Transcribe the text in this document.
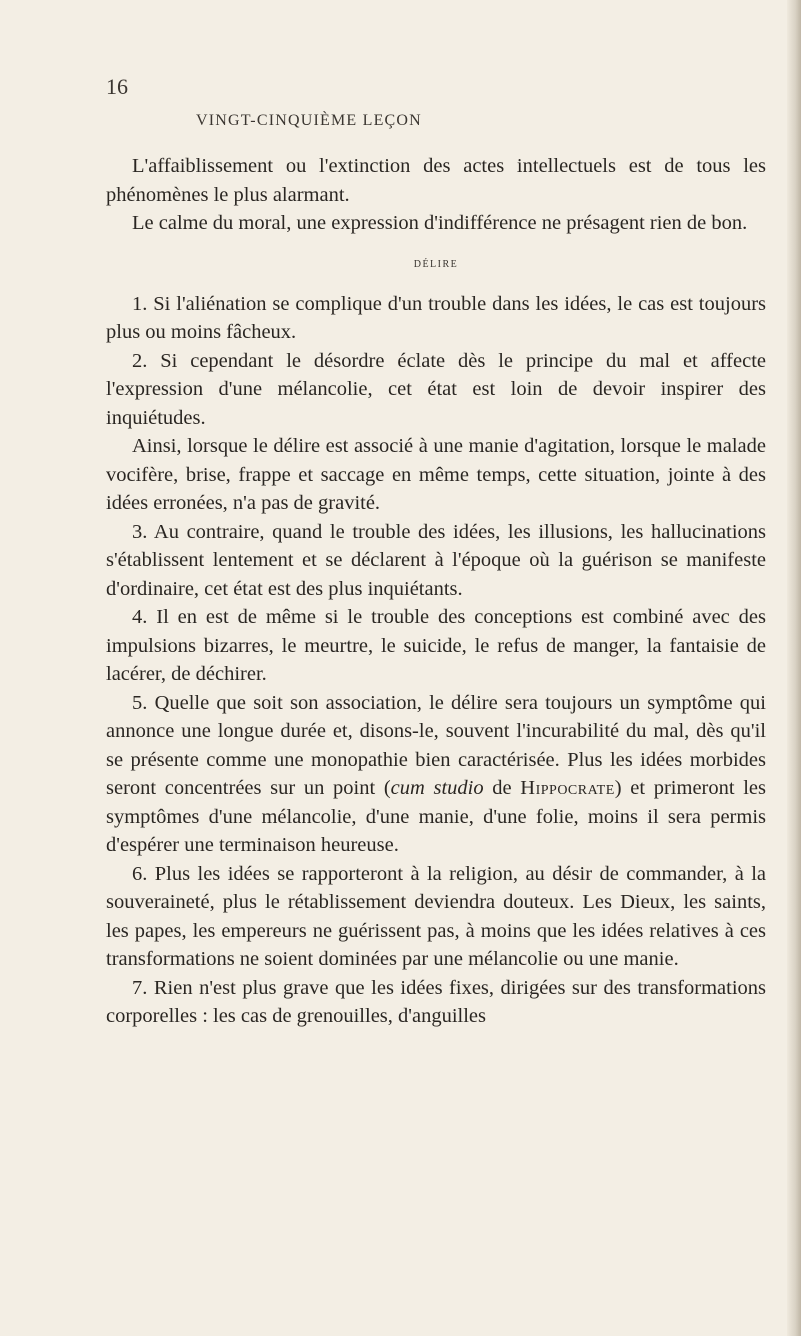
16
VINGT-CINQUIÈME LEÇON

L'affaiblissement ou l'extinction des actes intellectuels est de tous les phénomènes le plus alarmant.

Le calme du moral, une expression d'indifférence ne présagent rien de bon.

DÉLIRE

1. Si l'aliénation se complique d'un trouble dans les idées, le cas est toujours plus ou moins fâcheux.

2. Si cependant le désordre éclate dès le principe du mal et affecte l'expression d'une mélancolie, cet état est loin de devoir inspirer des inquiétudes.

Ainsi, lorsque le délire est associé à une manie d'agitation, lorsque le malade vocifère, brise, frappe et saccage en même temps, cette situation, jointe à des idées erronées, n'a pas de gravité.

3. Au contraire, quand le trouble des idées, les illusions, les hallucinations s'établissent lentement et se déclarent à l'époque où la guérison se manifeste d'ordinaire, cet état est des plus inquiétants.

4. Il en est de même si le trouble des conceptions est combiné avec des impulsions bizarres, le meurtre, le suicide, le refus de manger, la fantaisie de lacérer, de déchirer.

5. Quelle que soit son association, le délire sera toujours un symptôme qui annonce une longue durée et, disons-le, souvent l'incurabilité du mal, dès qu'il se présente comme une monopathie bien caractérisée. Plus les idées morbides seront concentrées sur un point (cum studio de Hippocrate) et primeront les symptômes d'une mélancolie, d'une manie, d'une folie, moins il sera permis d'espérer une terminaison heureuse.

6. Plus les idées se rapporteront à la religion, au désir de commander, à la souveraineté, plus le rétablissement deviendra douteux. Les Dieux, les saints, les papes, les empereurs ne guérissent pas, à moins que les idées relatives à ces transformations ne soient dominées par une mélancolie ou une manie.

7. Rien n'est plus grave que les idées fixes, dirigées sur des transformations corporelles : les cas de grenouilles, d'anguilles
